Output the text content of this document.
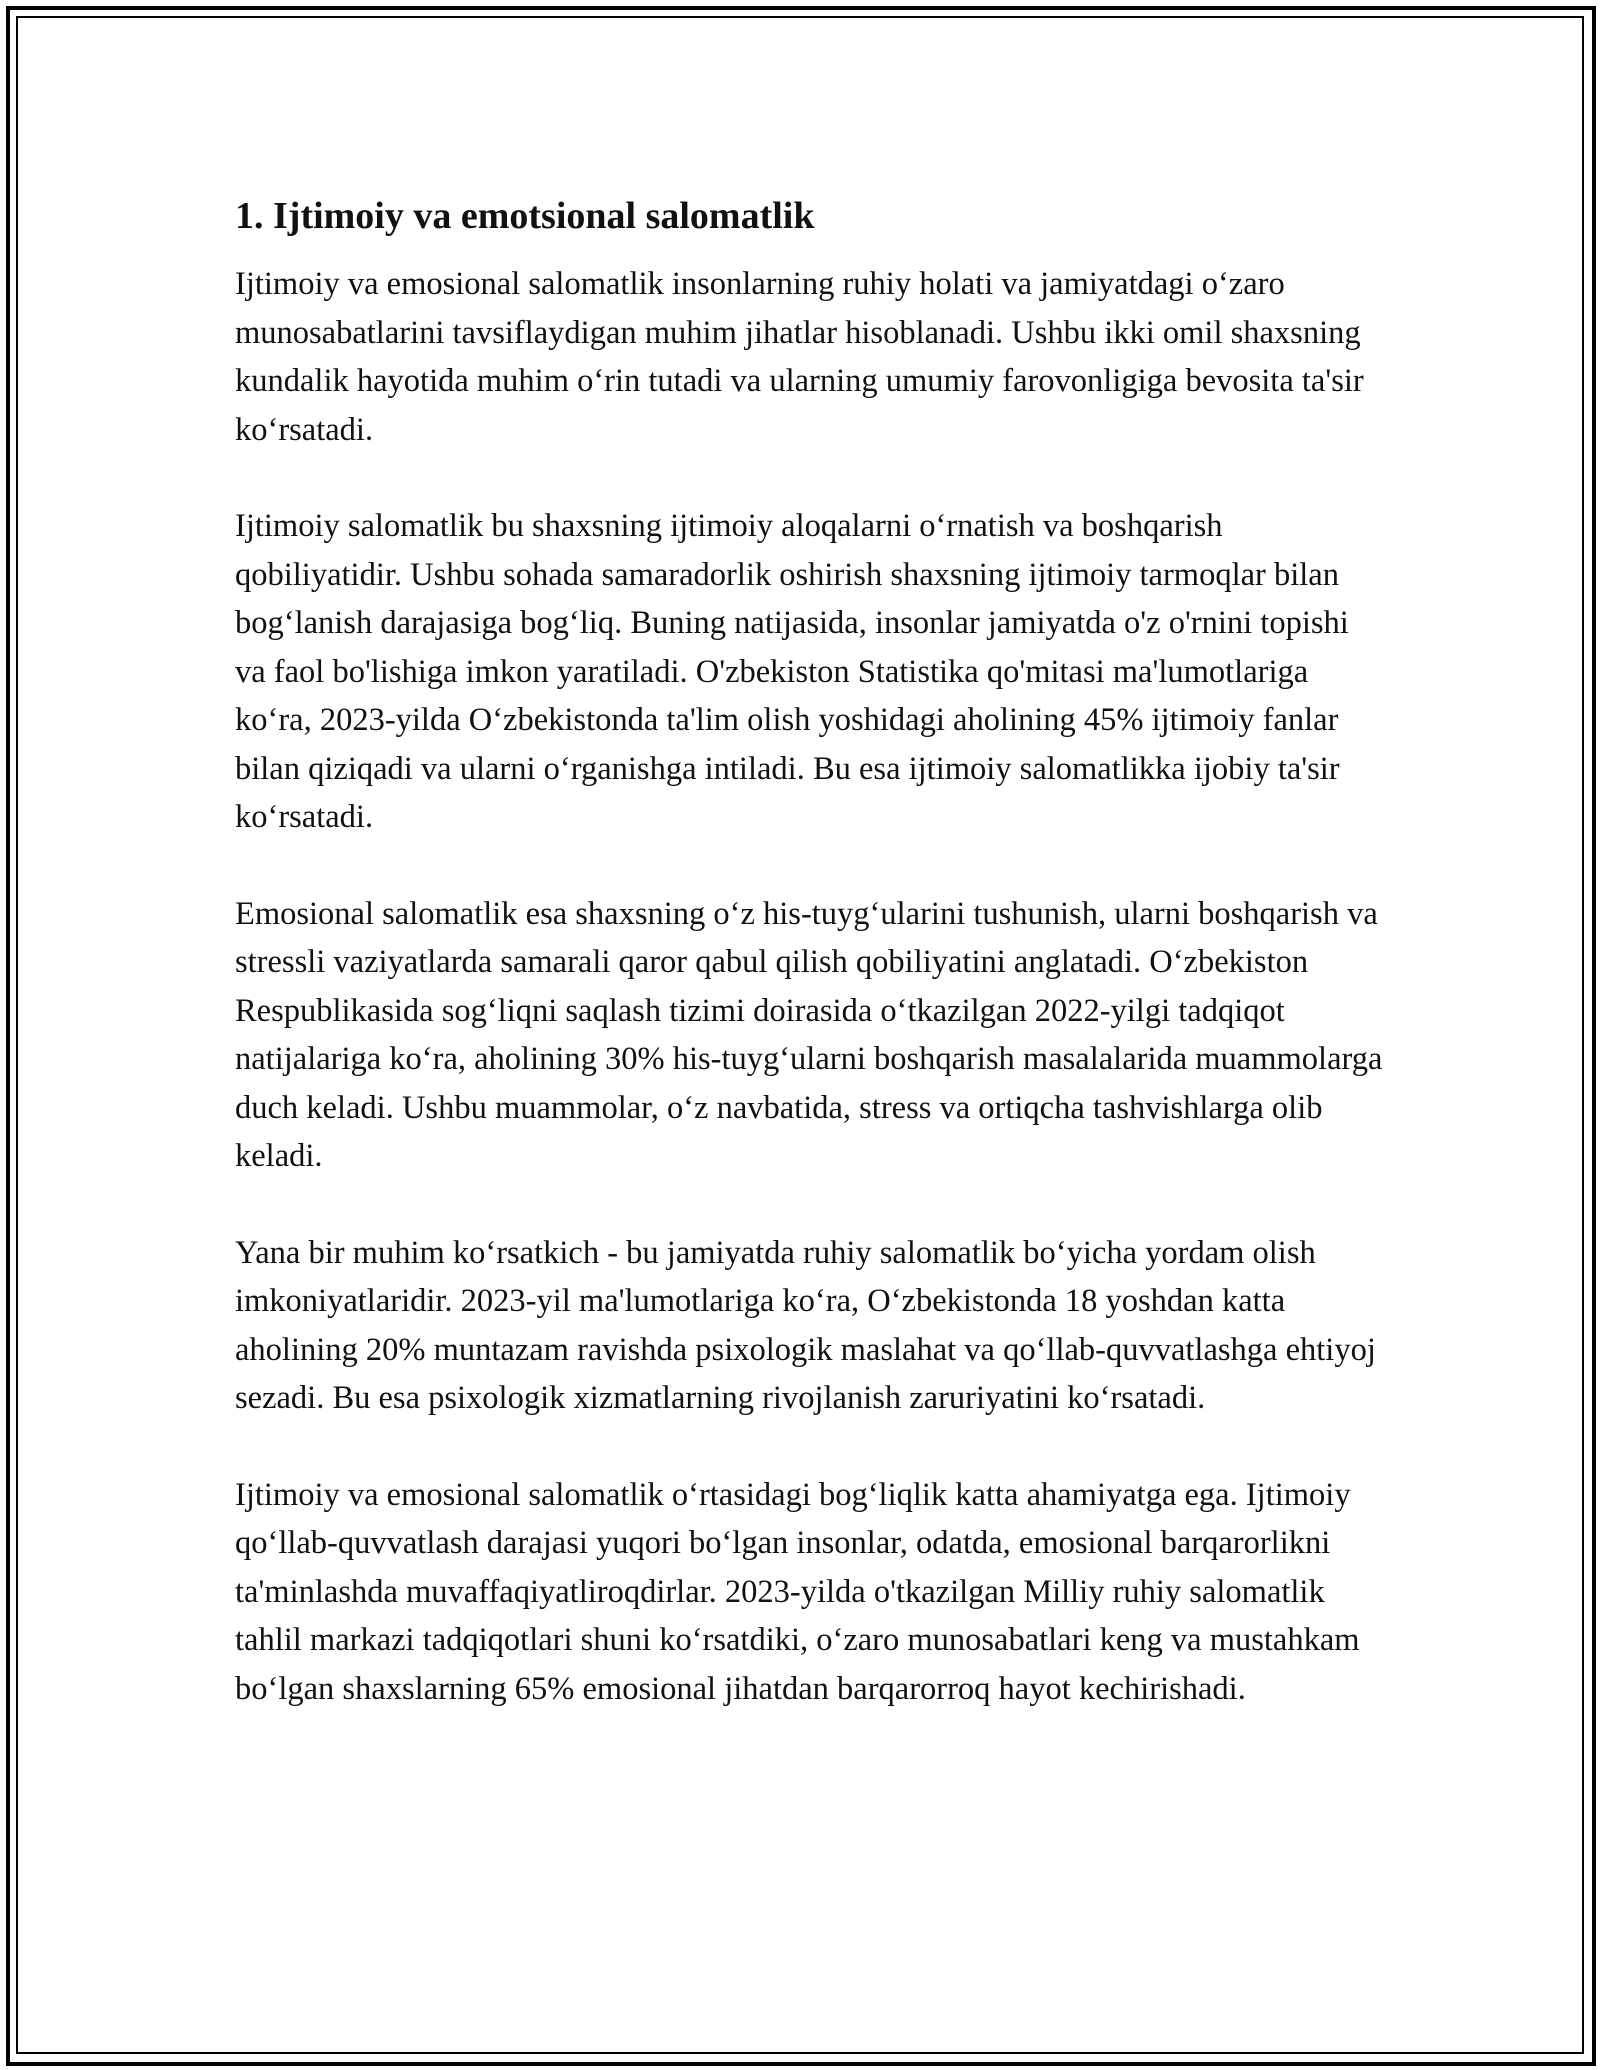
1. Ijtimoiy va emotsional salomatlik

Ijtimoiy va emosional salomatlik insonlarning ruhiy holati va jamiyatdagi o‘zaro munosabatlarini tavsiflaydigan muhim jihatlar hisoblanadi. Ushbu ikki omil shaxsning kundalik hayotida muhim o‘rin tutadi va ularning umumiy farovonligiga bevosita ta'sir ko‘rsatadi.

Ijtimoiy salomatlik bu shaxsning ijtimoiy aloqalarni o‘rnatish va boshqarish qobiliyatidir. Ushbu sohada samaradorlik oshirish shaxsning ijtimoiy tarmoqlar bilan bog‘lanish darajasiga bog‘liq. Buning natijasida, insonlar jamiyatda o'z o'rnini topishi va faol bo'lishiga imkon yaratiladi. O'zbekiston Statistika qo'mitasi ma'lumotlariga ko‘ra, 2023-yilda O‘zbekistonda ta'lim olish yoshidagi aholining 45% ijtimoiy fanlar bilan qiziqadi va ularni o‘rganishga intiladi. Bu esa ijtimoiy salomatlikka ijobiy ta'sir ko‘rsatadi.

Emosional salomatlik esa shaxsning o‘z his-tuyg‘ularini tushunish, ularni boshqarish va stressli vaziyatlarda samarali qaror qabul qilish qobiliyatini anglatadi. O‘zbekiston Respublikasida sog‘liqni saqlash tizimi doirasida o‘tkazilgan 2022-yilgi tadqiqot natijalariga ko‘ra, aholining 30% his-tuyg‘ularni boshqarish masalalarida muammolarga duch keladi. Ushbu muammolar, o‘z navbatida, stress va ortiqcha tashvishlarga olib keladi.

Yana bir muhim ko‘rsatkich - bu jamiyatda ruhiy salomatlik bo‘yicha yordam olish imkoniyatlaridir. 2023-yil ma'lumotlariga ko‘ra, O‘zbekistonda 18 yoshdan katta aholining 20% muntazam ravishda psixologik maslahat va qo‘llab-quvvatlashga ehtiyoj sezadi. Bu esa psixologik xizmatlarning rivojlanish zaruriyatini ko‘rsatadi.

Ijtimoiy va emosional salomatlik o‘rtasidagi bog‘liqlik katta ahamiyatga ega. Ijtimoiy qo‘llab-quvvatlash darajasi yuqori bo‘lgan insonlar, odatda, emosional barqarorlikni ta'minlashda muvaffaqiyatliroqdirlar. 2023-yilda o'tkazilgan Milliy ruhiy salomatlik tahlil markazi tadqiqotlari shuni ko‘rsatdiki, o‘zaro munosabatlari keng va mustahkam bo‘lgan shaxslarning 65% emosional jihatdan barqarorroq hayot kechirishadi.
